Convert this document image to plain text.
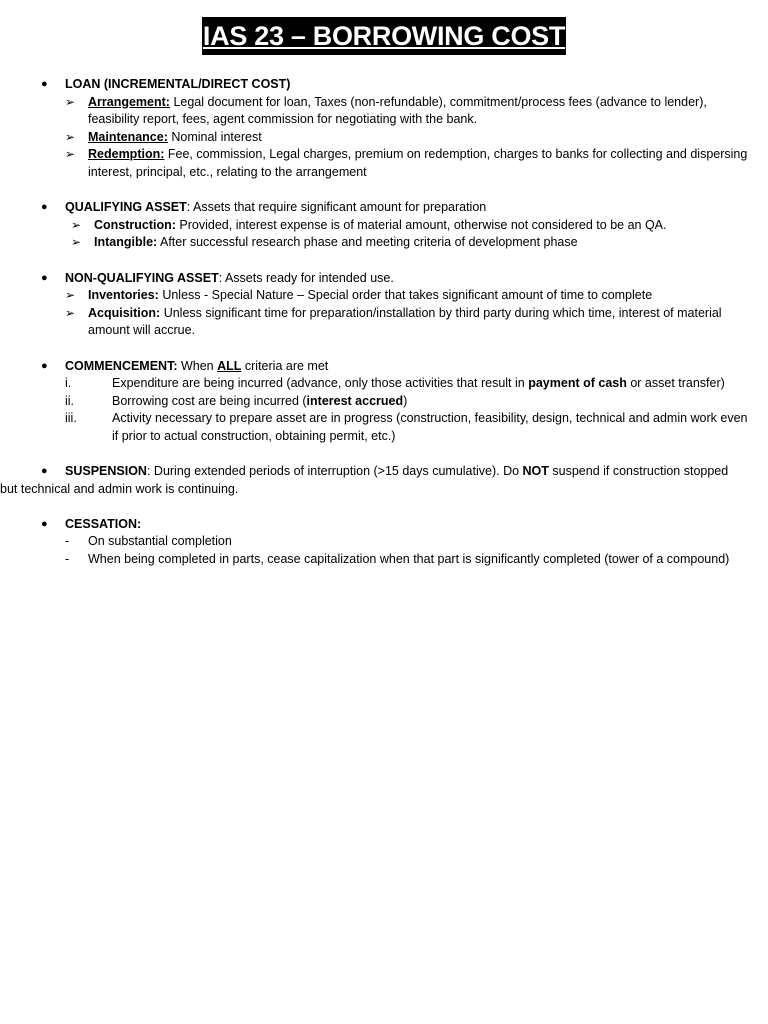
IAS 23 – BORROWING COST
● LOAN (INCREMENTAL/DIRECT COST)

➢ Arrangement: Legal document for loan, Taxes (non-refundable), commitment/process fees (advance to lender), feasibility report, fees, agent commission for negotiating with the bank.

➢ Maintenance: Nominal interest

➢ Redemption: Fee, commission, Legal charges, premium on redemption, charges to banks for collecting and dispersing interest, principal, etc., relating to the arrangement

● QUALIFYING ASSET: Assets that require significant amount for preparation

➢ Construction: Provided, interest expense is of material amount, otherwise not considered to be an QA.

➢ Intangible: After successful research phase and meeting criteria of development phase

● NON-QUALIFYING ASSET: Assets ready for intended use.

➢ Inventories: Unless - Special Nature – Special order that takes significant amount of time to complete

➢ Acquisition: Unless significant time for preparation/installation by third party during which time, interest of material amount will accrue.

● COMMENCEMENT: When ALL criteria are met

i.	Expenditure are being incurred (advance, only those activities that result in payment of cash or asset transfer)

ii.	Borrowing cost are being incurred (interest accrued)

iii.	Activity necessary to prepare asset are in progress (construction, feasibility, design, technical and admin work even if prior to actual construction, obtaining permit, etc.)

●	SUSPENSION: During extended periods of interruption (>15 days cumulative). Do NOT suspend if construction stopped but technical and admin work is continuing.

● CESSATION:

- On substantial completion

- When being completed in parts, cease capitalization when that part is significantly completed (tower of a compound)
